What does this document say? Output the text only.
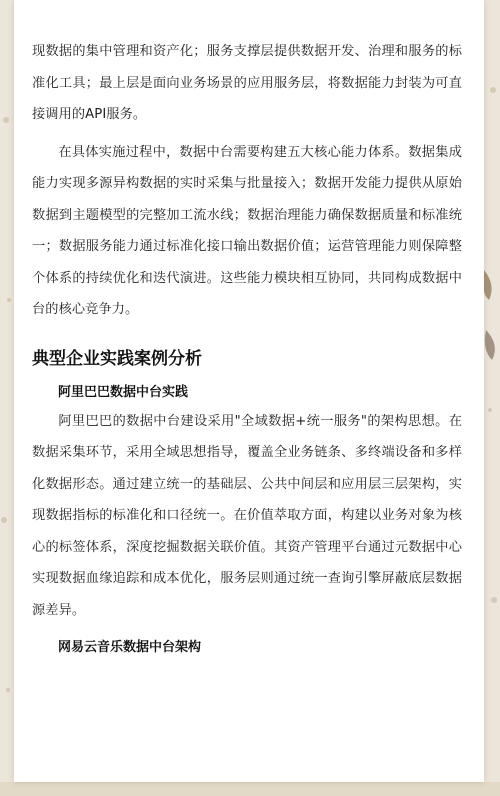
现数据的集中管理和资产化；服务支撑层提供数据开发、治理和服务的标准化工具；最上层是面向业务场景的应用服务层，将数据能力封装为可直接调用的API服务。

在具体实施过程中，数据中台需要构建五大核心能力体系。数据集成能力实现多源异构数据的实时采集与批量接入；数据开发能力提供从原始数据到主题模型的完整加工流水线；数据治理能力确保数据质量和标准统一；数据服务能力通过标准化接口输出数据价值；运营管理能力则保障整个体系的持续优化和迭代演进。这些能力模块相互协同，共同构成数据中台的核心竞争力。

典型企业实践案例分析
阿里巴巴数据中台实践

阿里巴巴的数据中台建设采用"全域数据+统一服务"的架构思想。在数据采集环节，采用全域思想指导，覆盖全业务链条、多终端设备和多样化数据形态。通过建立统一的基础层、公共中间层和应用层三层架构，实现数据指标的标准化和口径统一。在价值萃取方面，构建以业务对象为核心的标签体系，深度挖掘数据关联价值。其资产管理平台通过元数据中心实现数据血缘追踪和成本优化，服务层则通过统一查询引擎屏蔽底层数据源差异。

网易云音乐数据中台架构
